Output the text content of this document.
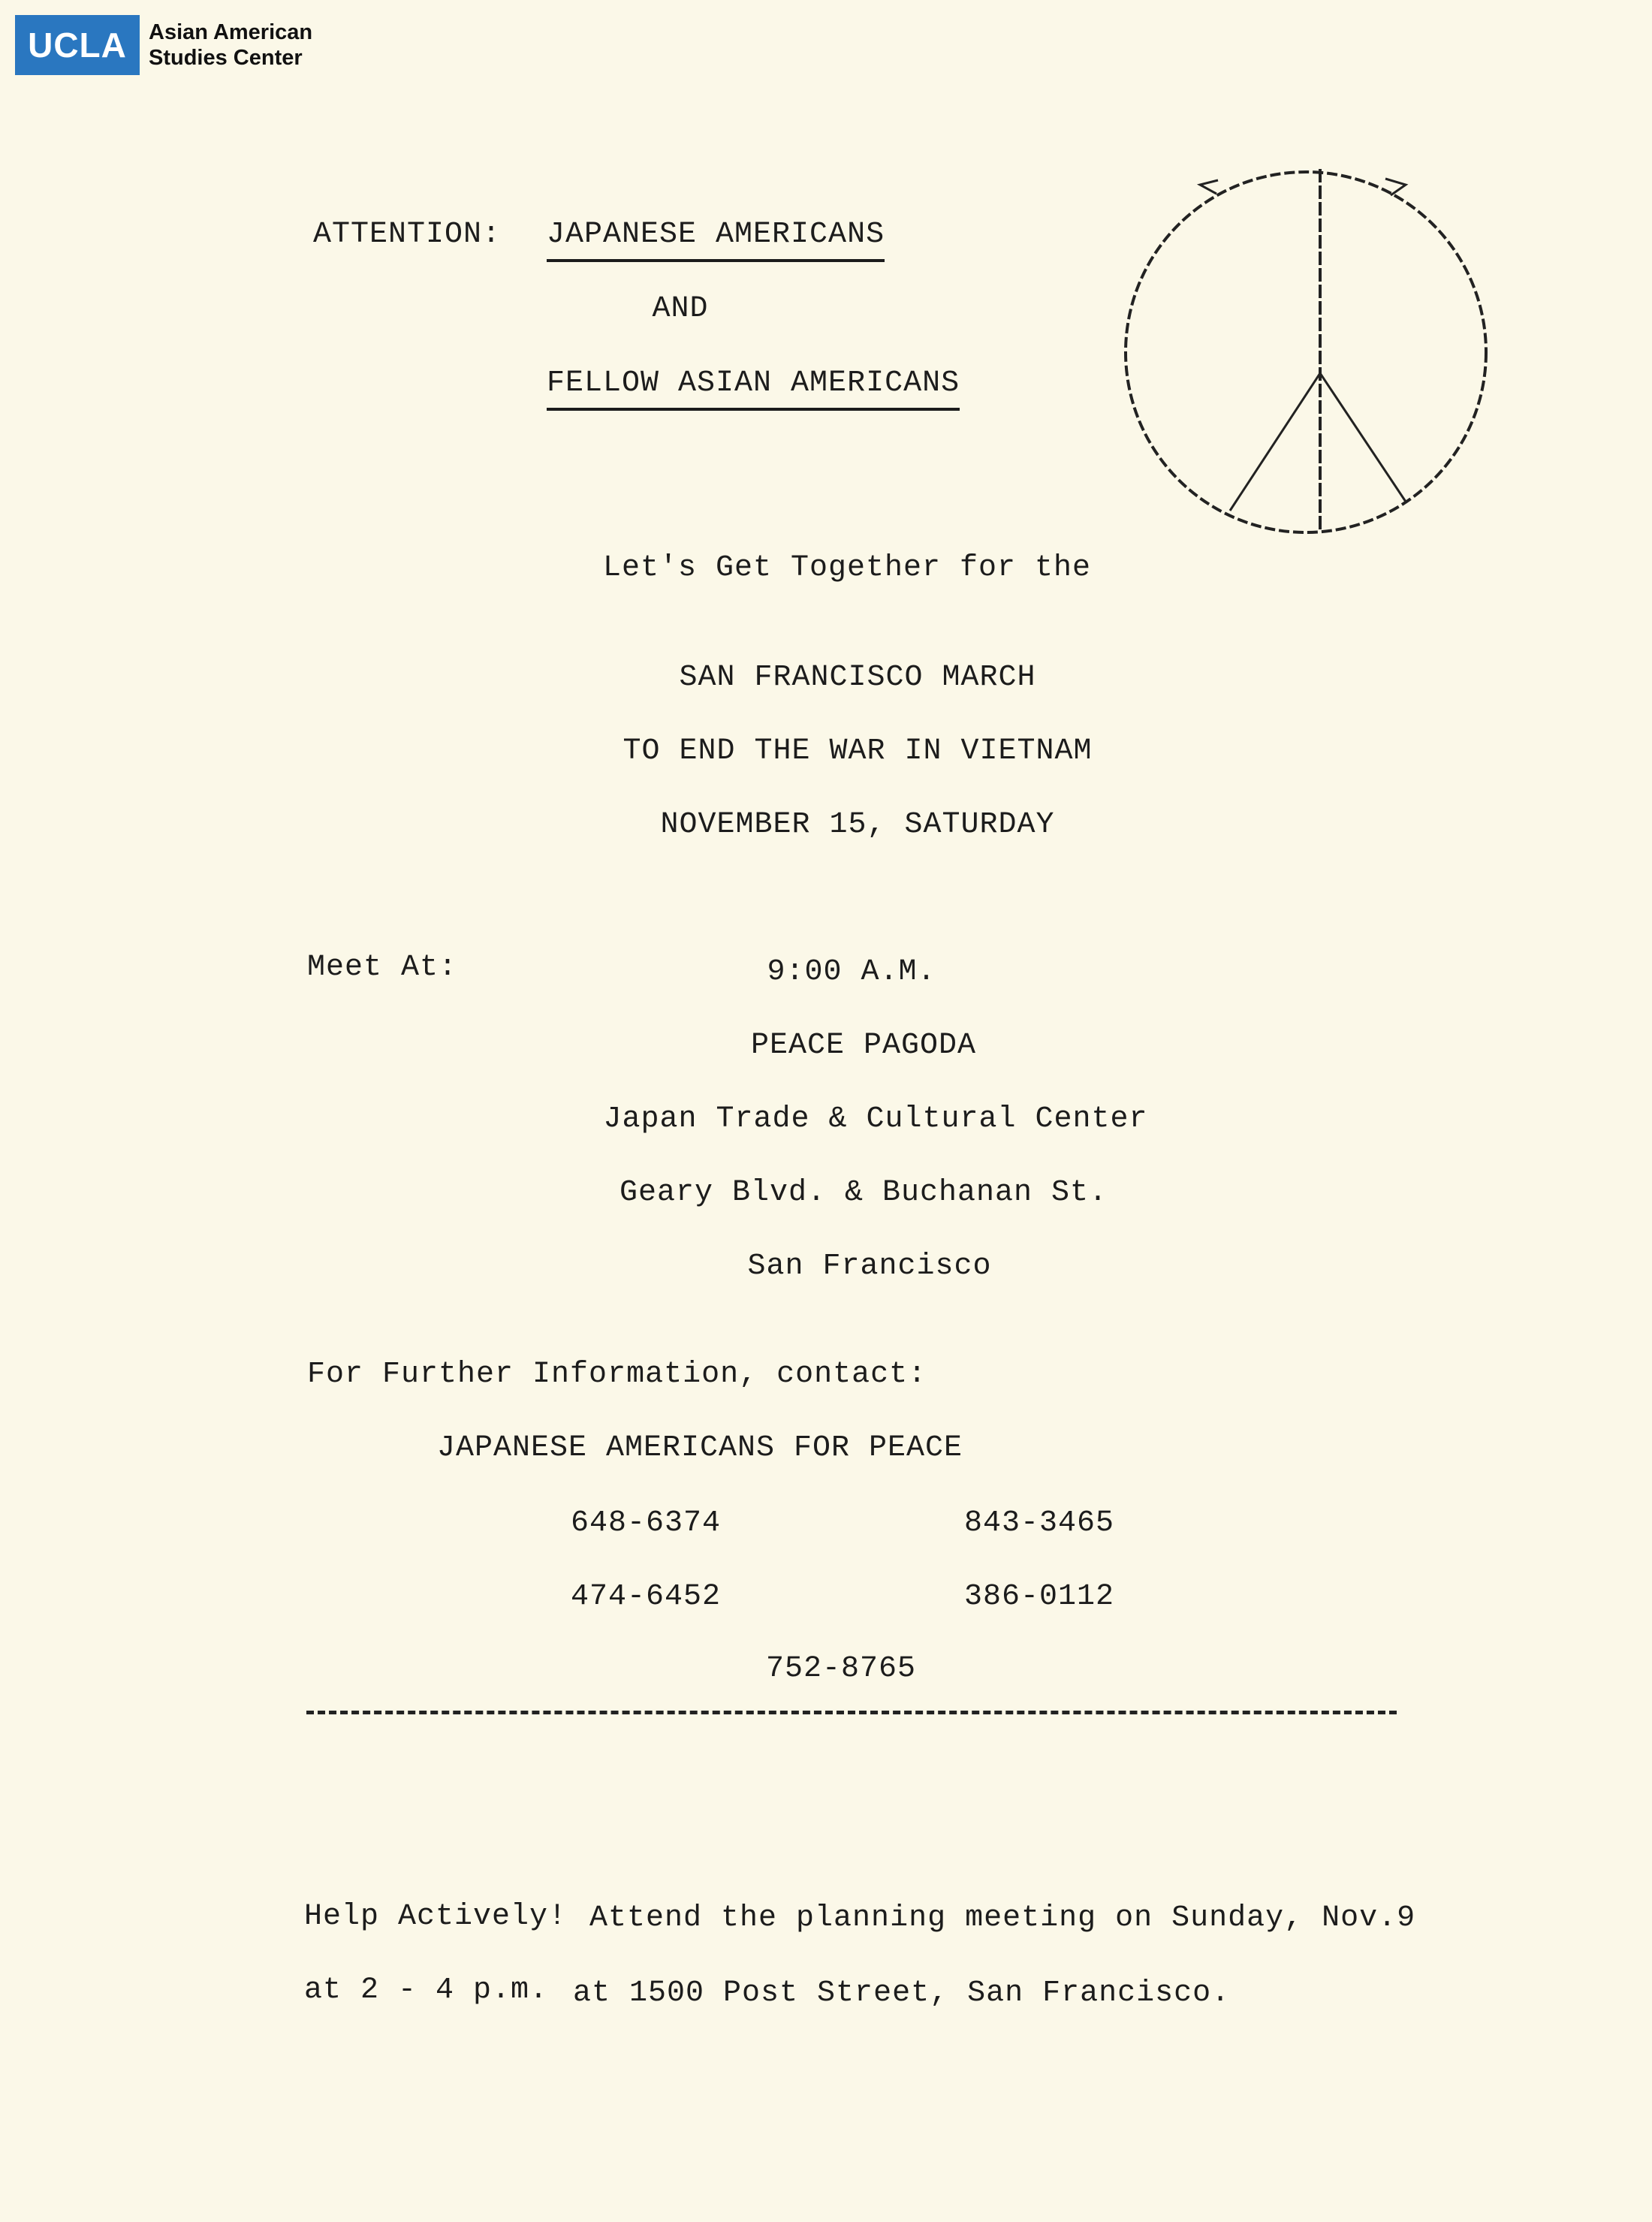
UCLA	Asian American
Studies Center
ATTENTION: JAPANESE AMERICANS
AND
FELLOW ASIAN AMERICANS
Let's Get Together for the
SAN FRANCISCO MARCH
TO END THE WAR IN VIETNAM
NOVEMBER 15, SATURDAY
Meet At:	9:00 A.M.
PEACE PAGODA
Japan Trade & Cultural Center
Geary Blvd. & Buchanan St.
San Francisco
For Further Information, contact:
JAPANESE AMERICANS FOR PEACE
648-6374	843-3465
474-6452	386-0112
752-8765
Help Actively! Attend the planning meeting on Sunday, Nov.9
at 2 - 4 p.m. at 1500 Post Street, San Francisco.
